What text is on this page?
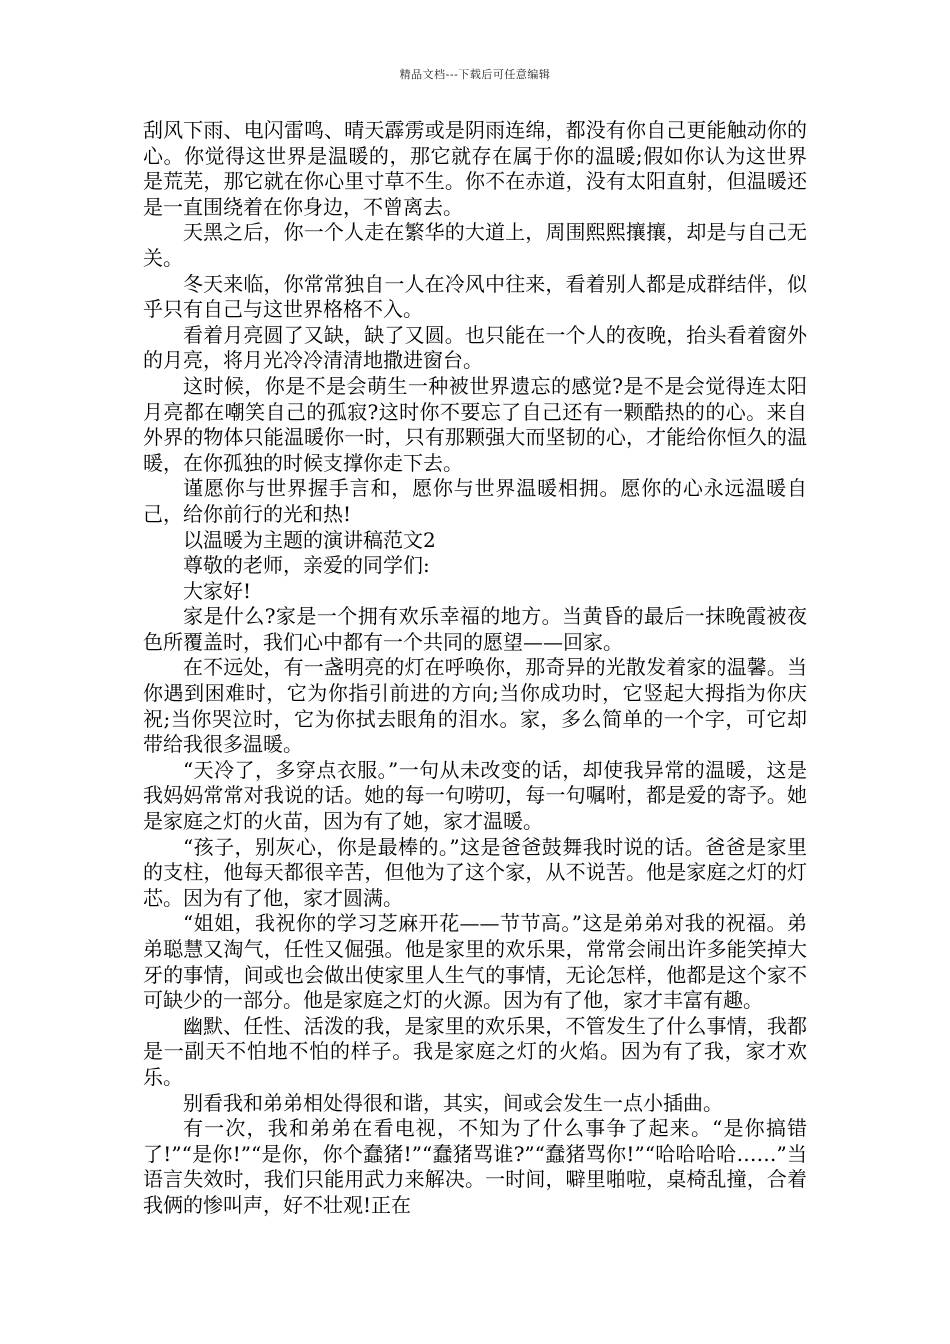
精品文档---下载后可任意编辑

刮风下雨、电闪雷鸣、晴天霹雳或是阴雨连绵，都没有你自己更能触动你的心。你觉得这世界是温暖的，那它就存在属于你的温暖;假如你认为这世界是荒芜，那它就在你心里寸草不生。你不在赤道，没有太阳直射，但温暖还是一直围绕着在你身边，不曾离去。

天黑之后，你一个人走在繁华的大道上，周围熙熙攘攘，却是与自己无关。

冬天来临，你常常独自一人在冷风中往来，看着别人都是成群结伴，似乎只有自己与这世界格格不入。

看着月亮圆了又缺，缺了又圆。也只能在一个人的夜晚，抬头看着窗外的月亮，将月光冷冷清清地撒进窗台。

这时候，你是不是会萌生一种被世界遗忘的感觉?是不是会觉得连太阳月亮都在嘲笑自己的孤寂?这时你不要忘了自己还有一颗酷热的的心。来自外界的物体只能温暖你一时，只有那颗强大而坚韧的心，才能给你恒久的温暖，在你孤独的时候支撑你走下去。

谨愿你与世界握手言和，愿你与世界温暖相拥。愿你的心永远温暖自己，给你前行的光和热!

以温暖为主题的演讲稿范文2

尊敬的老师，亲爱的同学们:

大家好!

家是什么?家是一个拥有欢乐幸福的地方。当黄昏的最后一抹晚霞被夜色所覆盖时，我们心中都有一个共同的愿望——回家。

在不远处，有一盏明亮的灯在呼唤你，那奇异的光散发着家的温馨。当你遇到困难时，它为你指引前进的方向;当你成功时，它竖起大拇指为你庆祝;当你哭泣时，它为你拭去眼角的泪水。家，多么简单的一个字，可它却带给我很多温暖。

“天冷了，多穿点衣服。”一句从未改变的话，却使我异常的温暖，这是我妈妈常常对我说的话。她的每一句唠叨，每一句嘱咐，都是爱的寄予。她是家庭之灯的火苗，因为有了她，家才温暖。

“孩子，别灰心，你是最棒的。”这是爸爸鼓舞我时说的话。爸爸是家里的支柱，他每天都很辛苦，但他为了这个家，从不说苦。他是家庭之灯的灯芯。因为有了他，家才圆满。

“姐姐，我祝你的学习芝麻开花——节节高。”这是弟弟对我的祝福。弟弟聪慧又淘气，任性又倔强。他是家里的欢乐果，常常会闹出许多能笑掉大牙的事情，间或也会做出使家里人生气的事情，无论怎样，他都是这个家不可缺少的一部分。他是家庭之灯的火源。因为有了他，家才丰富有趣。

幽默、任性、活泼的我，是家里的欢乐果，不管发生了什么事情，我都是一副天不怕地不怕的样子。我是家庭之灯的火焰。因为有了我，家才欢乐。

别看我和弟弟相处得很和谐，其实，间或会发生一点小插曲。

有一次，我和弟弟在看电视，不知为了什么事争了起来。“是你搞错了!”“是你!”“是你，你个蠢猪!”“蠢猪骂谁?”“蠢猪骂你!”“哈哈哈哈……”当语言失效时，我们只能用武力来解决。一时间，噼里啪啦，桌椅乱撞，合着我俩的惨叫声，好不壮观!正在
